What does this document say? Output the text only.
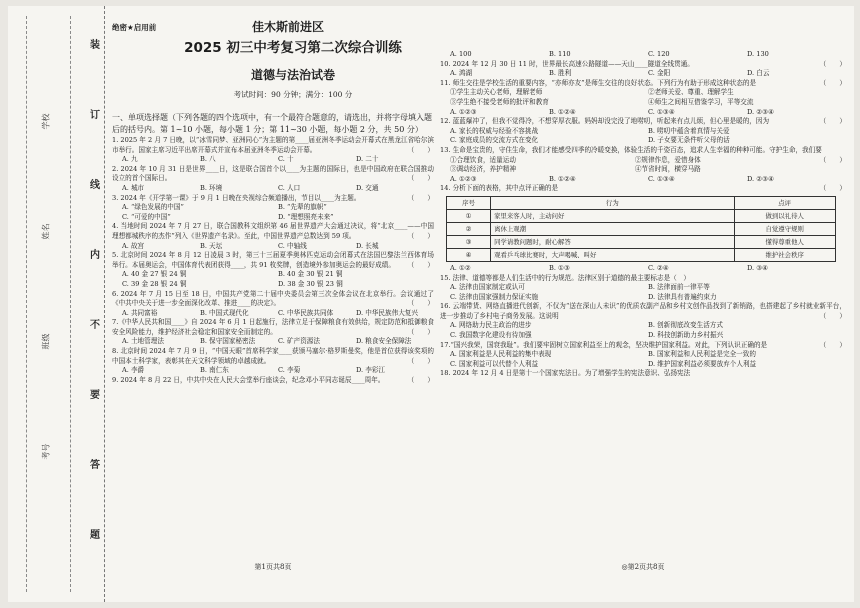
装
订
线
内
不
要
答
题
学校
姓名
班级
考号
绝密★启用前	佳木斯前进区
2025 初三中考复习第二次综合训练
道德与法治试卷
考试时间：90 分钟；满分：100 分
一、单项选择题（下列各题的四个选项中，有一个最符合题意的，请选出，并将字母填入题后的括号内。第 1~10 小题，每小题 1 分；第 11~30 小题，每小题 2 分，共 50 分）

1. 2025 年 2 月 7 日晚，以“冰雪同梦、亚洲同心”为主题的第____届亚洲冬季运动会开幕式在黑龙江省哈尔滨市举行。国家主席习近平出席开幕式并宣布本届亚洲冬季运动会开幕。	（　　）

A. 九	B. 八	C. 十	D. 二十

2. 2024 年 10 月 31 日是世界____日，这是联合国首个以____为主题的国际日，也是中国政府在联合国推动设立的首个国际日。	（　　）

A. 城市	B. 环境	C. 人口	D. 交通

3. 2024 年《开学第一课》于 9 月 1 日晚在央视综合频道播出，节目以____为主题。	（　　）

A. “绿色发展的中国”	B. “先辈的旗帜”
C. “可爱的中国”	D. “理想照亮未来”

4. 当地时间 2024 年 7 月 27 日，联合国教科文组织第 46 届世界遗产大会通过决议，将“北京____——中国理想都城秩序的杰作”列入《世界遗产名录》。至此，中国世界遗产总数达到 59 项。	（　　）

A. 故宫	B. 天坛	C. 中轴线	D. 长城

5. 北京时间 2024 年 8 月 12 日凌晨 3 时，第三十三届夏季奥林匹克运动会闭幕式在法国巴黎法兰西体育场举行。本届奥运会，中国体育代表团获得____，共 91 枚奖牌，创造境外参加奥运会的最好成绩。 （　　）

A. 40 金 27 银 24 铜	B. 40 金 30 银 21 铜
C. 39 金 28 银 24 铜	D. 38 金 30 银 23 铜

6. 2024 年 7 月 15 日至 18 日，中国共产党第二十届中央委员会第三次全体会议在北京举行。会议通过了《中共中央关于进一步全面深化改革、推进____的决定》。	（　　）

A. 共同富裕	B. 中国式现代化	C. 中华民族共同体	D. 中华民族伟大复兴

7.《中华人民共和国____》自 2024 年 6 月 1 日起施行，法律立足于保障粮食有效供给，规定防范和抵御粮食安全风险能力，维护经济社会稳定和国家安全而制定的。	（　　）

A. 土地管理法	B. 保守国家秘密法	C. 矿产资源法	D. 粮食安全保障法

8. 北京时间 2024 年 7 月 9 日，“中国天眼”首席科学家____获颁马塞尔·格罗斯曼奖，他是首位获得该奖项的中国本土科学家，表彰其在天文科学领域的卓越成就。	（　　）

A. 李爵	B. 南仁东	C. 李菊	D. 李彩江

9. 2024 年 8 月 22 日，中共中央在人民大会堂举行座谈会，纪念邓小平同志诞辰____周年。	（　　）

第1页共8页
A. 100	B. 110	C. 120	D. 130

10. 2024 年 12 月 30 日 11 时，世界最长高速公路隧道——天山____隧道全线贯通。	（　　）

A. 鸿湖	B. 胜利	C. 金阳	D. 白云

11. 师生交往是学校生活的重要内容，“亦师亦友”是师生交往的良好状态。下列行为有助于形成这种状态的是	（　　）

①学生主动关心老师，理解老师	②老师关爱、尊重、理解学生
③学生绝不接受老师的批评和教育	④师生之间相互借鉴学习，平等交流
A. ①②③	B. ①②④	C. ①③④	D. ②③④

12. 蓝蓝爆冲了，但我不觉得冷，不想穿厚衣服。妈妈却没完没了地唠叨，听起来有点儿烦，但心里是暖的，因为	（　　）

A. 家长的权威与经验不容挑战	B. 唠叨中蕴含着真情与关爱
C. 家庭成员的交流方式在变化	D. 子女要无条件听父母的话

13. 生命是宝贵的，守住生命，我们才能感受四季的冷暖变换，体验生活的千姿百态，追求人生幸福的种种可能。守护生命，我们要
（　　）

①合理饮食，适量运动	②规律作息，爱惜身体
③调动经济，养护精神	④节省时间，横穿马路
A. ①②③	B. ①②④	C. ①③④	D. ②③④

14. 分析下面的表格，其中点评正确的是	（　　）

序号	行为	点评
①	家里来客人时，主动问好	做到以礼待人
②	离休上观潮	自觉遵守规则
③	同学请教问题时，耐心解答	懂得尊重他人
④	观看乒乓球比赛时，大声喝喊、叫好	维护社会秩序
A. ①②	B. ①③	C. ②④	D. ③④

15. 法律、道德等都是人们生活中的行为规范。法律区别于道德的最主要标志是（　）

A. 法律由国家制定或认可	B. 法律面前一律平等
C. 法律由国家强制力保证实施	D. 法律具有普遍约束力

16. 云端带货、网络直播进代创新，不仅为“送在深山人未识”的优质农副产品和乡村文创作品找到了新销路，也搭建起了乡村就业新平台，进一步推动了乡村电子商务发展。这说明	（　　）

A. 网络助力民主政治的进步	B. 创新彻底改变生活方式
C. 我国数字化建设有待加强	D. 科技创新助力乡村振兴

17.“国兴我荣，国衰我耻”。我们要牢固树立国家利益至上的观念，坚决维护国家利益。对此，下列认识正确的是	（　　）

A. 国家利益是人民利益的集中表现	B. 国家利益和人民利益是完全一致的
C. 国家利益可以代替个人利益	D. 维护国家利益必须要放弃个人利益

18. 2024 年 12 月 4 日是第十一个国家宪法日。为了增强学生的宪法意识、弘扬宪法

◎第2页共8页
